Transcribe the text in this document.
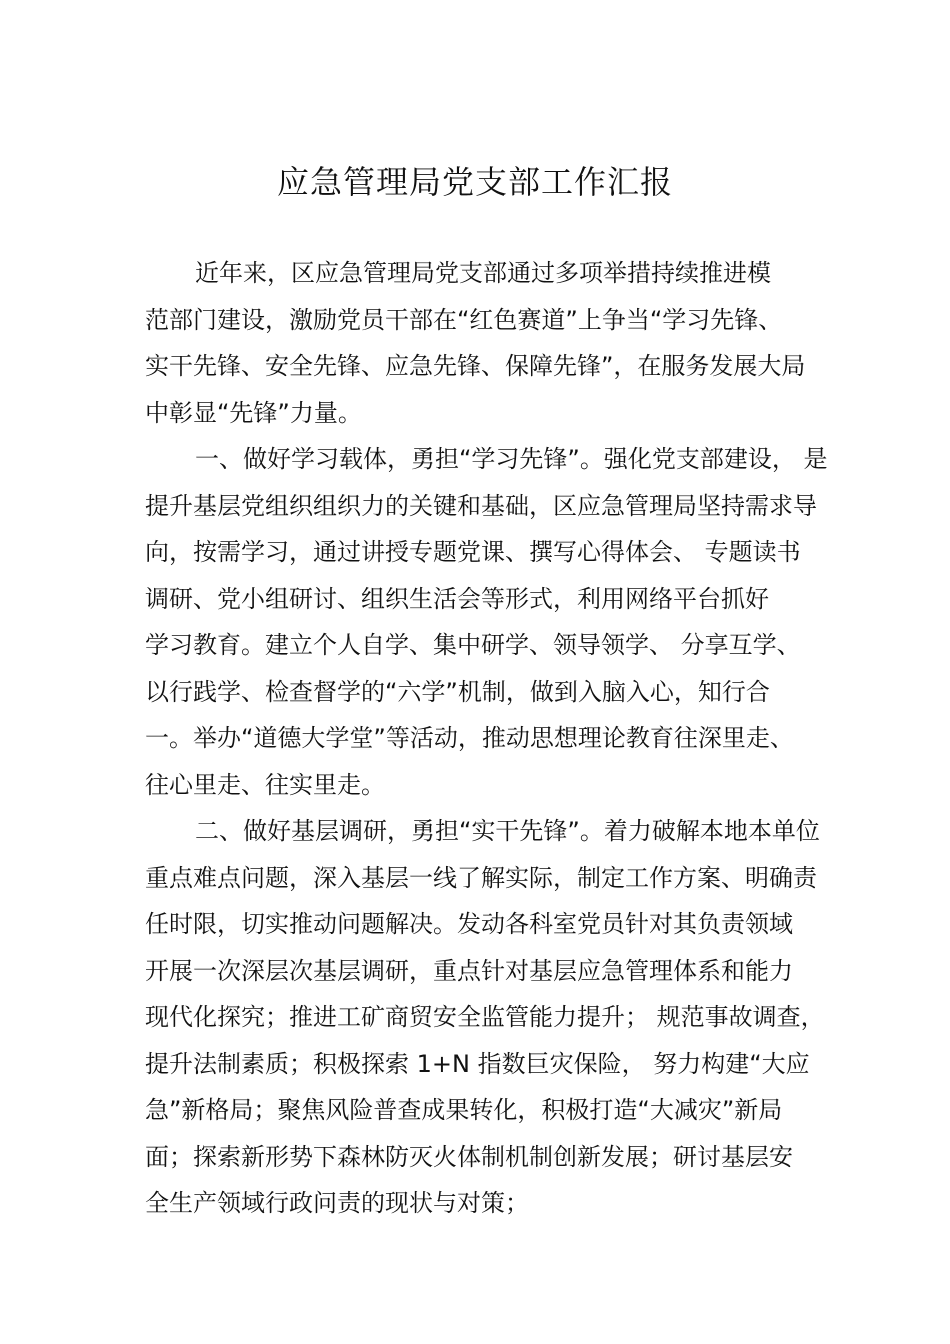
应急管理局党支部工作汇报

近年来，区应急管理局党支部通过多项举措持续推进模
范部门建设，激励党员干部在“红色赛道”上争当“学习先锋、
实干先锋、安全先锋、应急先锋、保障先锋”，在服务发展大局
中彰显“先锋”力量。

一、做好学习载体，勇担“学习先锋”。强化党支部建设， 是
提升基层党组织组织力的关键和基础，区应急管理局坚持需求导
向，按需学习，通过讲授专题党课、撰写心得体会、 专题读书
调研、党小组研讨、组织生活会等形式，利用网络平台抓好
学习教育。建立个人自学、集中研学、领导领学、 分享互学、
以行践学、检查督学的“六学”机制，做到入脑入心，知行合
一。举办“道德大学堂”等活动，推动思想理论教育往深里走、
往心里走、往实里走。

二、做好基层调研，勇担“实干先锋”。着力破解本地本单位
重点难点问题，深入基层一线了解实际，制定工作方案、明确责
任时限，切实推动问题解决。发动各科室党员针对其负责领域
开展一次深层次基层调研，重点针对基层应急管理体系和能力
现代化探究；推进工矿商贸安全监管能力提升； 规范事故调查，
提升法制素质；积极探索 1+N 指数巨灾保险， 努力构建“大应
急”新格局；聚焦风险普查成果转化，积极打造“大减灾”新局
面；探索新形势下森林防灭火体制机制创新发展；研讨基层安
全生产领域行政问责的现状与对策；
